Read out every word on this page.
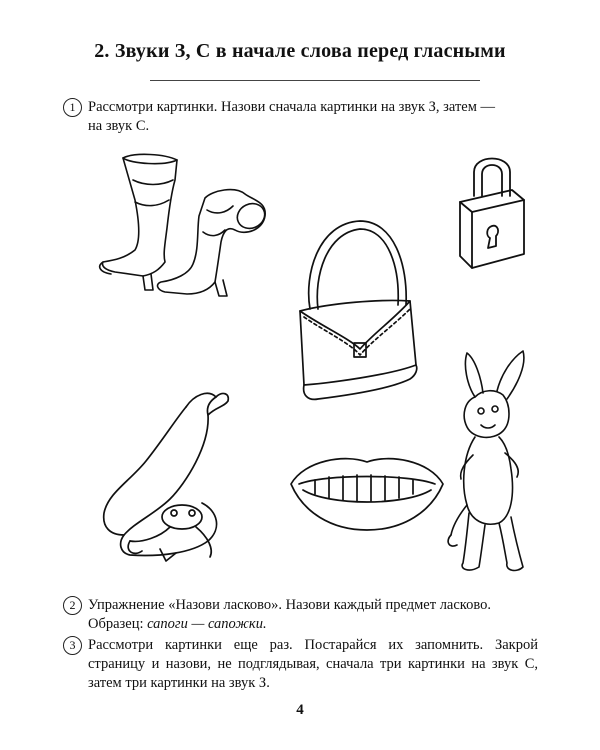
2. Звуки З, С в начале слова перед гласными
1 Рассмотри картинки. Назови сначала картинки на звук З, затем —
на звук С.
2 Упражнение «Назови ласково». Назови каждый предмет ласково.
Образец: сапоги — сапожки.
3 Рассмотри картинки еще раз. Постарайся их запомнить. Закрой страницу и назови, не подглядывая, сначала три картинки на звук С, затем три картинки на звук З.
4
